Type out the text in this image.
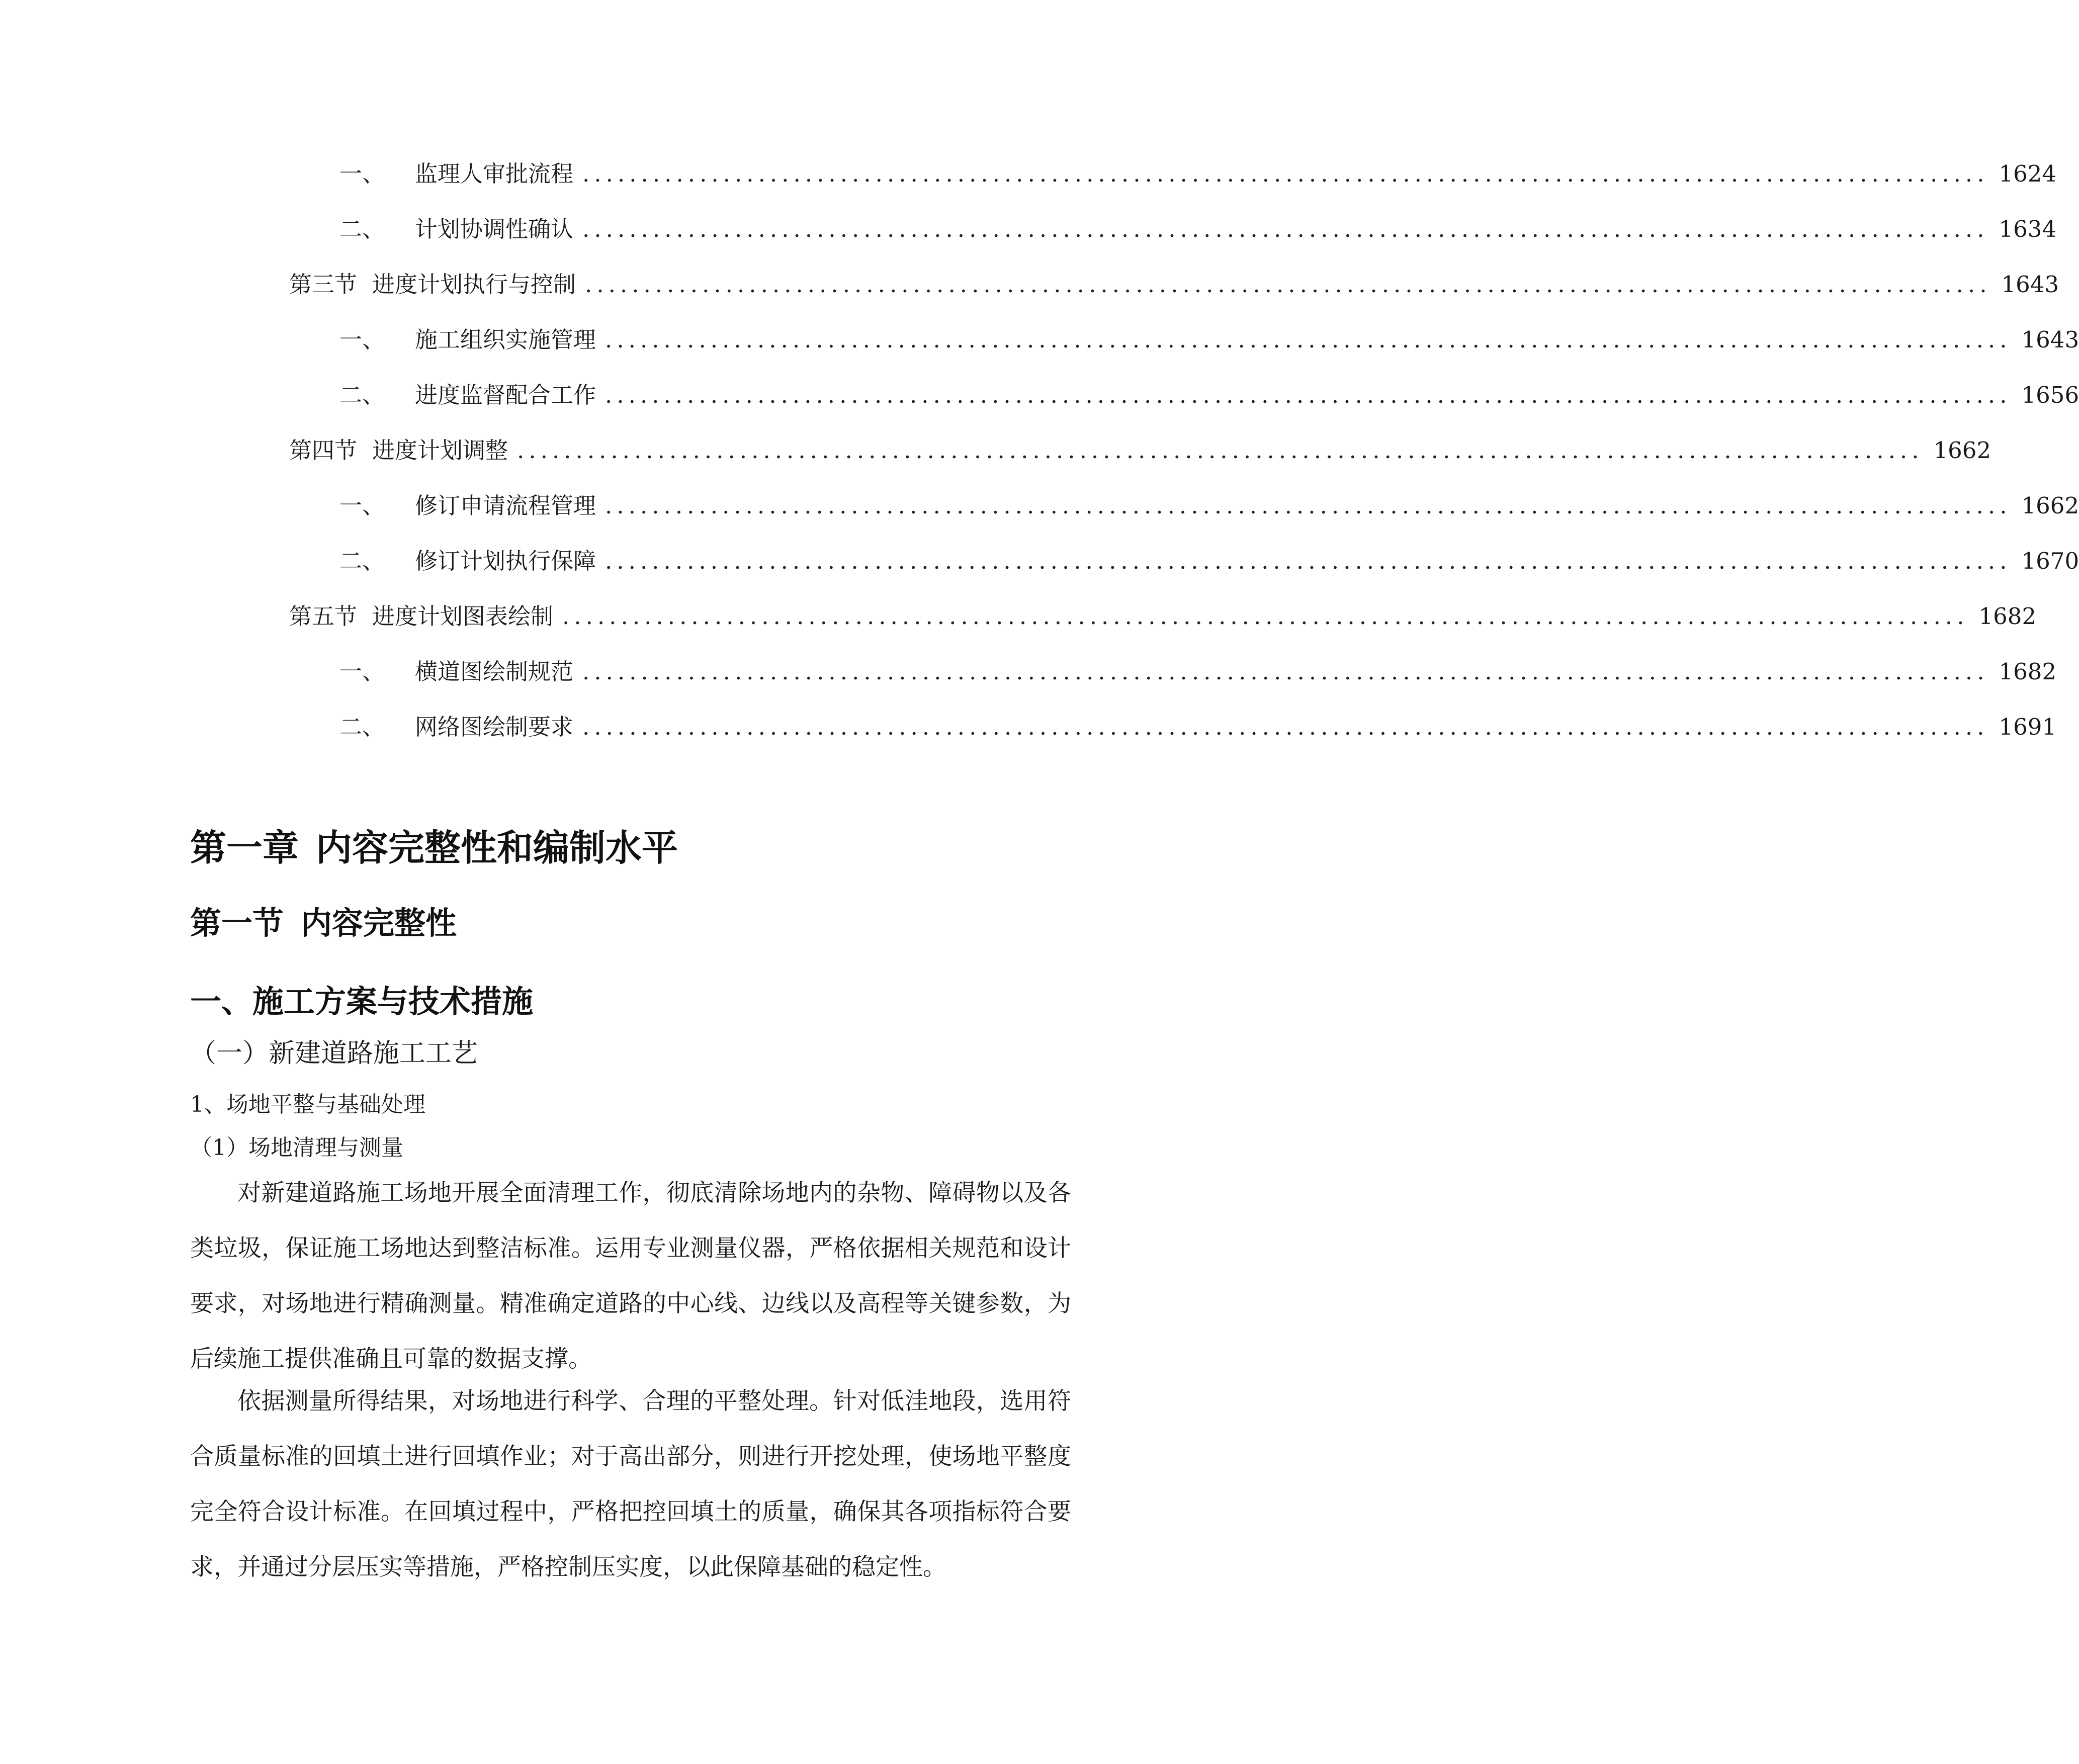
一、 监理人审批流程 ........................................................................................................................ 1624
二、 计划协调性确认 ........................................................................................................................ 1634
第三节 进度计划执行与控制 ........................................................................................................................ 1643
一、 施工组织实施管理 ........................................................................................................................ 1643
二、 进度监督配合工作 ........................................................................................................................ 1656
第四节 进度计划调整 ........................................................................................................................ 1662
一、 修订申请流程管理 ........................................................................................................................ 1662
二、 修订计划执行保障 ........................................................................................................................ 1670
第五节 进度计划图表绘制 ........................................................................................................................ 1682
一、 横道图绘制规范 ........................................................................................................................ 1682
二、 网络图绘制要求 ........................................................................................................................ 1691
第一章 内容完整性和编制水平
第一节 内容完整性
一、施工方案与技术措施
（一）新建道路施工工艺
1、场地平整与基础处理
（1）场地清理与测量

对新建道路施工场地开展全面清理工作，彻底清除场地内的杂物、障碍物以及各类垃圾，保证施工场地达到整洁标准。运用专业测量仪器，严格依据相关规范和设计要求，对场地进行精确测量。精准确定道路的中心线、边线以及高程等关键参数，为后续施工提供准确且可靠的数据支撑。

依据测量所得结果，对场地进行科学、合理的平整处理。针对低洼地段，选用符合质量标准的回填土进行回填作业；对于高出部分，则进行开挖处理，使场地平整度完全符合设计标准。在回填过程中，严格把控回填土的质量，确保其各项指标符合要求，并通过分层压实等措施，严格控制压实度，以此保障基础的稳定性。
